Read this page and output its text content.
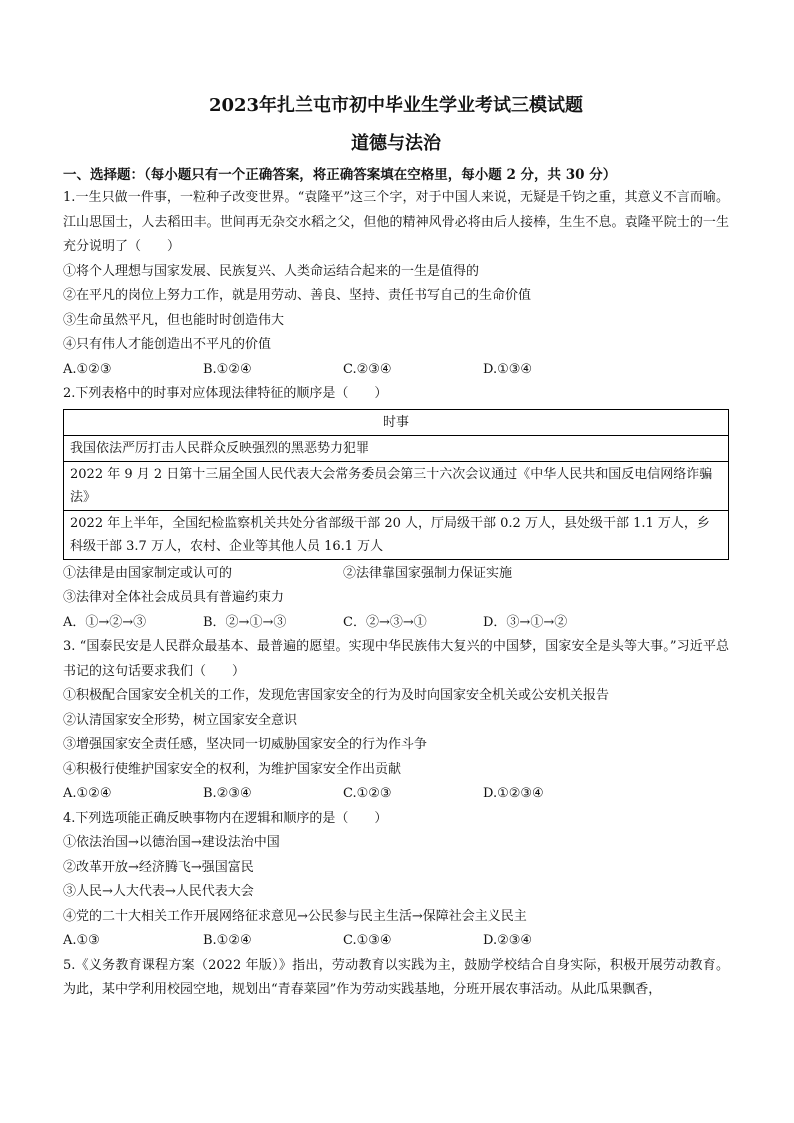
2023年扎兰屯市初中毕业生学业考试三模试题
道德与法治
一、选择题：（每小题只有一个正确答案，将正确答案填在空格里，每小题 2 分，共 30 分）
1.一生只做一件事，一粒种子改变世界。“袁隆平”这三个字，对于中国人来说，无疑是千钧之重，其意义不言而喻。江山思国士，人去稻田丰。世间再无杂交水稻之父，但他的精神风骨必将由后人接棒，生生不息。袁隆平院士的一生充分说明了（　　）
①将个人理想与国家发展、民族复兴、人类命运结合起来的一生是值得的
②在平凡的岗位上努力工作，就是用劳动、善良、坚持、责任书写自己的生命价值
③生命虽然平凡，但也能时时创造伟大
④只有伟人才能创造出不平凡的价值
A.①②③	B.①②④	C.②③④	D.①③④
2.下列表格中的时事对应体现法律特征的顺序是（　　）
时事
我国依法严厉打击人民群众反映强烈的黑恶势力犯罪
2022 年 9 月 2 日第十三届全国人民代表大会常务委员会第三十六次会议通过《中华人民共和国反电信网络诈骗法》
2022 年上半年，全国纪检监察机关共处分省部级干部 20 人，厅局级干部 0.2 万人，县处级干部 1.1 万人，乡科级干部 3.7 万人，农村、企业等其他人员 16.1 万人
①法律是由国家制定或认可的	②法律靠国家强制力保证实施
③法律对全体社会成员具有普遍约束力
A．①→②→③	B．②→①→③	C．②→③→①	D．③→①→②
3. “国泰民安是人民群众最基本、最普遍的愿望。实现中华民族伟大复兴的中国梦，国家安全是头等大事。”习近平总书记的这句话要求我们（　　）
①积极配合国家安全机关的工作，发现危害国家安全的行为及时向国家安全机关或公安机关报告
②认清国家安全形势，树立国家安全意识
③增强国家安全责任感，坚决同一切威胁国家安全的行为作斗争
④积极行使维护国家安全的权利，为维护国家安全作出贡献
A.①②④	B.②③④	C.①②③	D.①②③④
4.下列选项能正确反映事物内在逻辑和顺序的是（　　）
①依法治国→以德治国→建设法治中国
②改革开放→经济腾飞→强国富民
③人民→人大代表→人民代表大会
④党的二十大相关工作开展网络征求意见→公民参与民主生活→保障社会主义民主
A.①③	B.①②④	C.①③④	D.②③④
5.《义务教育课程方案（2022 年版）》指出，劳动教育以实践为主，鼓励学校结合自身实际，积极开展劳动教育。为此，某中学利用校园空地，规划出“青春菜园”作为劳动实践基地，分班开展农事活动。从此瓜果飘香，
